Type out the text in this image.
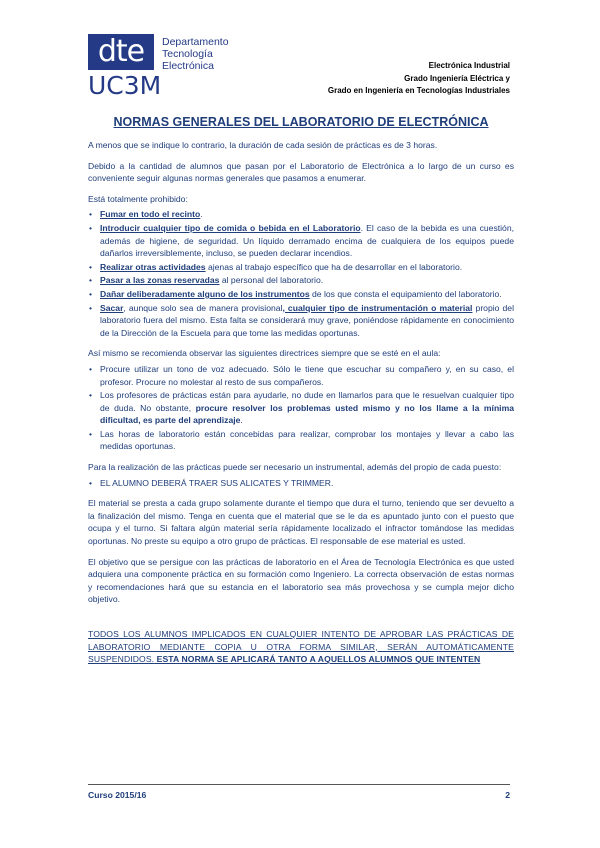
dte	Departamento
Tecnología
Electrónica
UC3M
Electrónica Industrial
Grado Ingeniería Eléctrica y
Grado en Ingeniería en Tecnologías Industriales
NORMAS GENERALES DEL LABORATORIO DE ELECTRÓNICA

A menos que se indique lo contrario, la duración de cada sesión de prácticas es de 3 horas.

Debido a la cantidad de alumnos que pasan por el Laboratorio de Electrónica a lo largo de un curso es conveniente seguir algunas normas generales que pasamos a enumerar.

Está totalmente prohibido:

• Fumar en todo el recinto.
• Introducir cualquier tipo de comida o bebida en el Laboratorio. El caso de la bebida es una cuestión, además de higiene, de seguridad. Un líquido derramado encima de cualquiera de los equipos puede dañarlos irreversiblemente, incluso, se pueden declarar incendios.
• Realizar otras actividades ajenas al trabajo específico que ha de desarrollar en el laboratorio.
• Pasar a las zonas reservadas al personal del laboratorio.
• Dañar deliberadamente alguno de los instrumentos de los que consta el equipamiento del laboratorio.
• Sacar, aunque solo sea de manera provisional, cualquier tipo de instrumentación o material propio del laboratorio fuera del mismo. Esta falta se considerará muy grave, poniéndose rápidamente en conocimiento de la Dirección de la Escuela para que tome las medidas oportunas.

Así mismo se recomienda observar las siguientes directrices siempre que se esté en el aula:

• Procure utilizar un tono de voz adecuado. Sólo le tiene que escuchar su compañero y, en su caso, el profesor. Procure no molestar al resto de sus compañeros.
• Los profesores de prácticas están para ayudarle, no dude en llamarlos para que le resuelvan cualquier tipo de duda. No obstante, procure resolver los problemas usted mismo y no los llame a la mínima dificultad, es parte del aprendizaje.
• Las horas de laboratorio están concebidas para realizar, comprobar los montajes y llevar a cabo las medidas oportunas.

Para la realización de las prácticas puede ser necesario un instrumental, además del propio de cada puesto:

• EL ALUMNO DEBERÁ TRAER SUS ALICATES Y TRIMMER.

El material se presta a cada grupo solamente durante el tiempo que dura el turno, teniendo que ser devuelto a la finalización del mismo. Tenga en cuenta que el material que se le da es apuntado junto con el puesto que ocupa y el turno. Si faltara algún material sería rápidamente localizado el infractor tomándose las medidas oportunas. No preste su equipo a otro grupo de prácticas. El responsable de ese material es usted.

El objetivo que se persigue con las prácticas de laboratorio en el Área de Tecnología Electrónica es que usted adquiera una componente práctica en su formación como Ingeniero. La correcta observación de estas normas y recomendaciones hará que su estancia en el laboratorio sea más provechosa y se cumpla mejor dicho objetivo.

TODOS LOS ALUMNOS IMPLICADOS EN CUALQUIER INTENTO DE APROBAR LAS PRÁCTICAS DE LABORATORIO MEDIANTE COPIA U OTRA FORMA SIMILAR, SERÁN AUTOMÁTICAMENTE SUSPENDIDOS. ESTA NORMA SE APLICARÁ TANTO A AQUELLOS ALUMNOS QUE INTENTEN

Curso 2015/16	2
